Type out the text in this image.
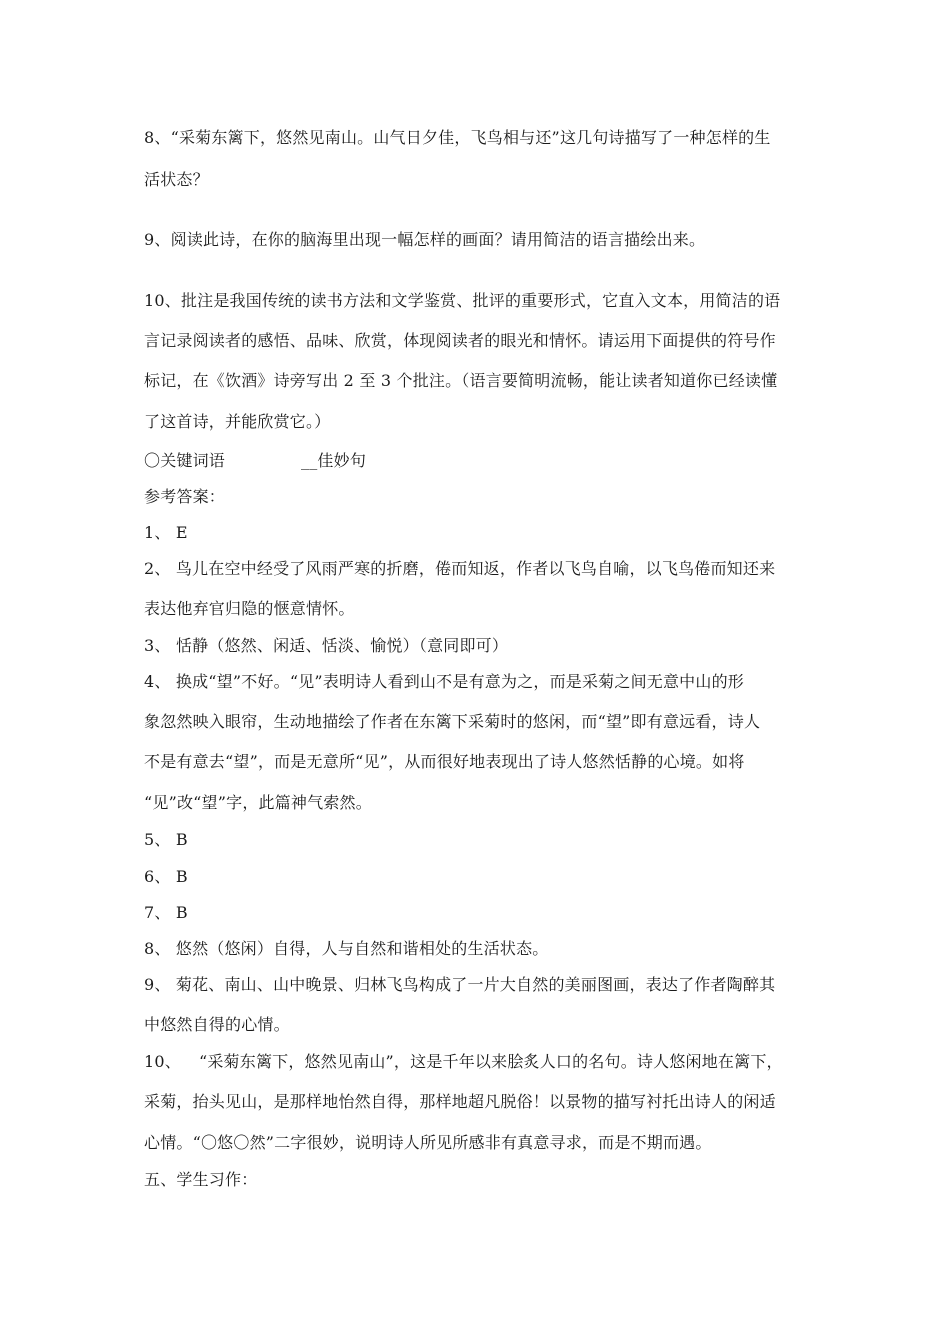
8、“采菊东篱下，悠然见南山。山气日夕佳，飞鸟相与还”这几句诗描写了一种怎样的生
活状态？
9、阅读此诗，在你的脑海里出现一幅怎样的画面？请用简洁的语言描绘出来。
10、批注是我国传统的读书方法和文学鉴赏、批评的重要形式，它直入文本，用简洁的语
言记录阅读者的感悟、品味、欣赏，体现阅读者的眼光和情怀。请运用下面提供的符号作
标记，在《饮酒》诗旁写出 2 至 3 个批注。（语言要简明流畅，能让读者知道你已经读懂
了这首诗，并能欣赏它。）
〇关键词语	__佳妙句
参考答案：
1、 E
2、 鸟儿在空中经受了风雨严寒的折磨，倦而知返，作者以飞鸟自喻，以飞鸟倦而知还来
表达他弃官归隐的惬意情怀。
3、 恬静（悠然、闲适、恬淡、愉悦）（意同即可）
4、 换成“望”不好。“见”表明诗人看到山不是有意为之，而是采菊之间无意中山的形
象忽然映入眼帘，生动地描绘了作者在东篱下采菊时的悠闲，而“望”即有意远看，诗人
不是有意去“望”，而是无意所“见”，从而很好地表现出了诗人悠然恬静的心境。如将
“见”改“望”字，此篇神气索然。
5、 B
6、 B
7、 B
8、 悠然（悠闲）自得，人与自然和谐相处的生活状态。
9、 菊花、南山、山中晚景、归林飞鸟构成了一片大自然的美丽图画，表达了作者陶醉其
中悠然自得的心情。
10、 “采菊东篱下，悠然见南山”，这是千年以来脍炙人口的名句。诗人悠闲地在篱下，
采菊，抬头见山，是那样地怡然自得，那样地超凡脱俗！以景物的描写衬托出诗人的闲适
心情。“〇悠〇然”二字很妙，说明诗人所见所感非有真意寻求，而是不期而遇。
五、学生习作：
